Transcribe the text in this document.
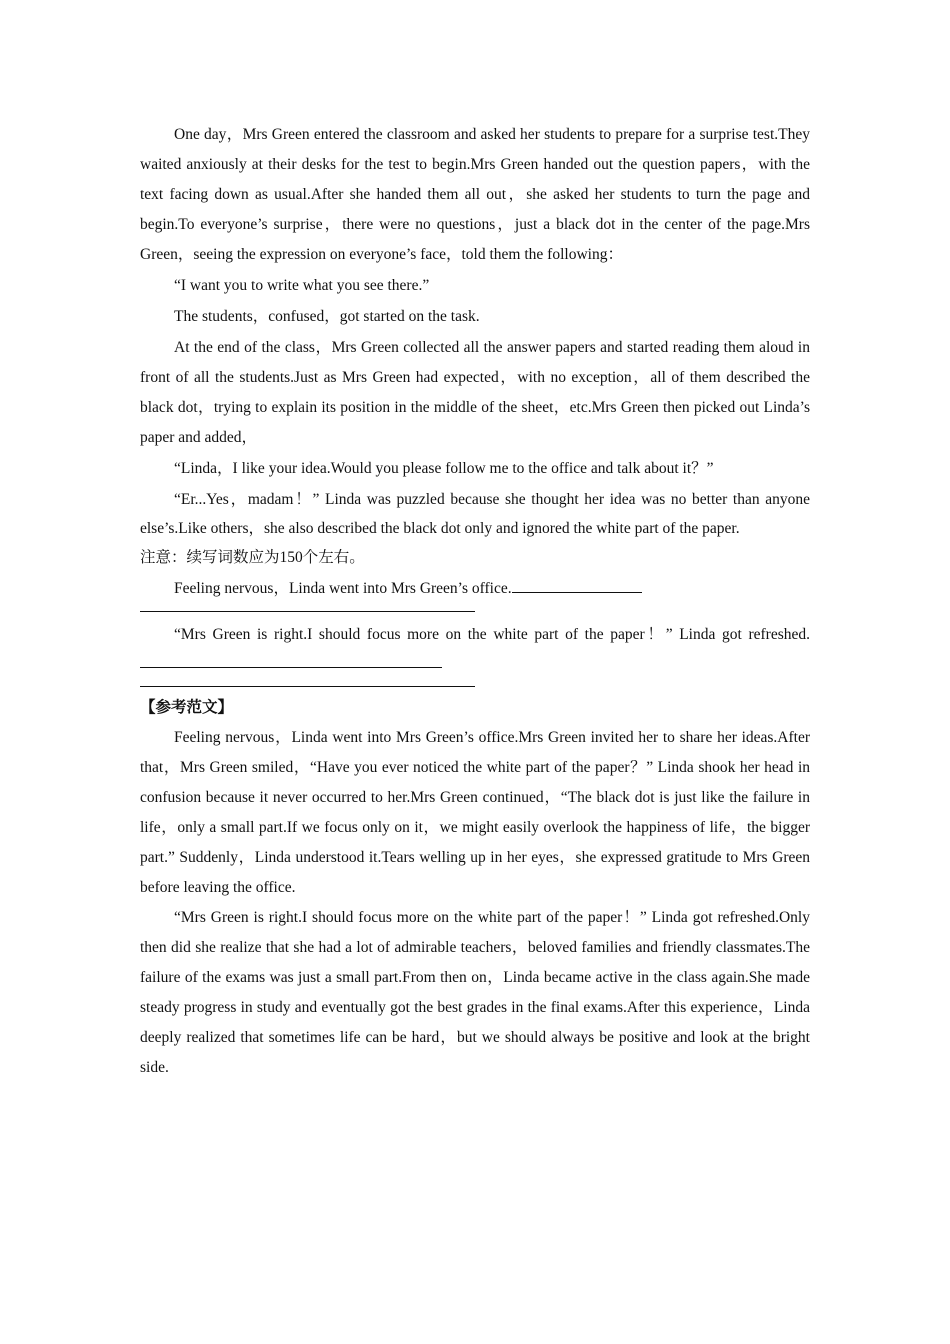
One day，Mrs Green entered the classroom and asked her students to prepare for a surprise test.They waited anxiously at their desks for the test to begin.Mrs Green handed out the question papers，with the text facing down as usual.After she handed them all out，she asked her students to turn the page and begin.To everyone’s surprise，there were no questions，just a black dot in the center of the page.Mrs Green，seeing the expression on everyone’s face，told them the following：

“I want you to write what you see there.”

The students，confused，got started on the task.

At the end of the class，Mrs Green collected all the answer papers and started reading them aloud in front of all the students.Just as Mrs Green had expected，with no exception，all of them described the black dot，trying to explain its position in the middle of the sheet，etc.Mrs Green then picked out Linda’s paper and added，

“Linda，I like your idea.Would you please follow me to the office and talk about it？”

“Er...Yes，madam！” Linda was puzzled because she thought her idea was no better than anyone else’s.Like others，she also described the black dot only and ignored the white part of the paper.

注意：续写词数应为150个左右。

Feeling nervous，Linda went into Mrs Green’s office.

“Mrs Green is right.I should focus more on the white part of the paper！” Linda got refreshed.

【参考范文】

Feeling nervous，Linda went into Mrs Green’s office.Mrs Green invited her to share her ideas.After that，Mrs Green smiled，“Have you ever noticed the white part of the paper？” Linda shook her head in confusion because it never occurred to her.Mrs Green continued，“The black dot is just like the failure in life，only a small part.If we focus only on it，we might easily overlook the happiness of life，the bigger part.” Suddenly，Linda understood it.Tears welling up in her eyes，she expressed gratitude to Mrs Green before leaving the office.

“Mrs Green is right.I should focus more on the white part of the paper！” Linda got refreshed.Only then did she realize that she had a lot of admirable teachers，beloved families and friendly classmates.The failure of the exams was just a small part.From then on，Linda became active in the class again.She made steady progress in study and eventually got the best grades in the final exams.After this experience，Linda deeply realized that sometimes life can be hard，but we should always be positive and look at the bright side.
